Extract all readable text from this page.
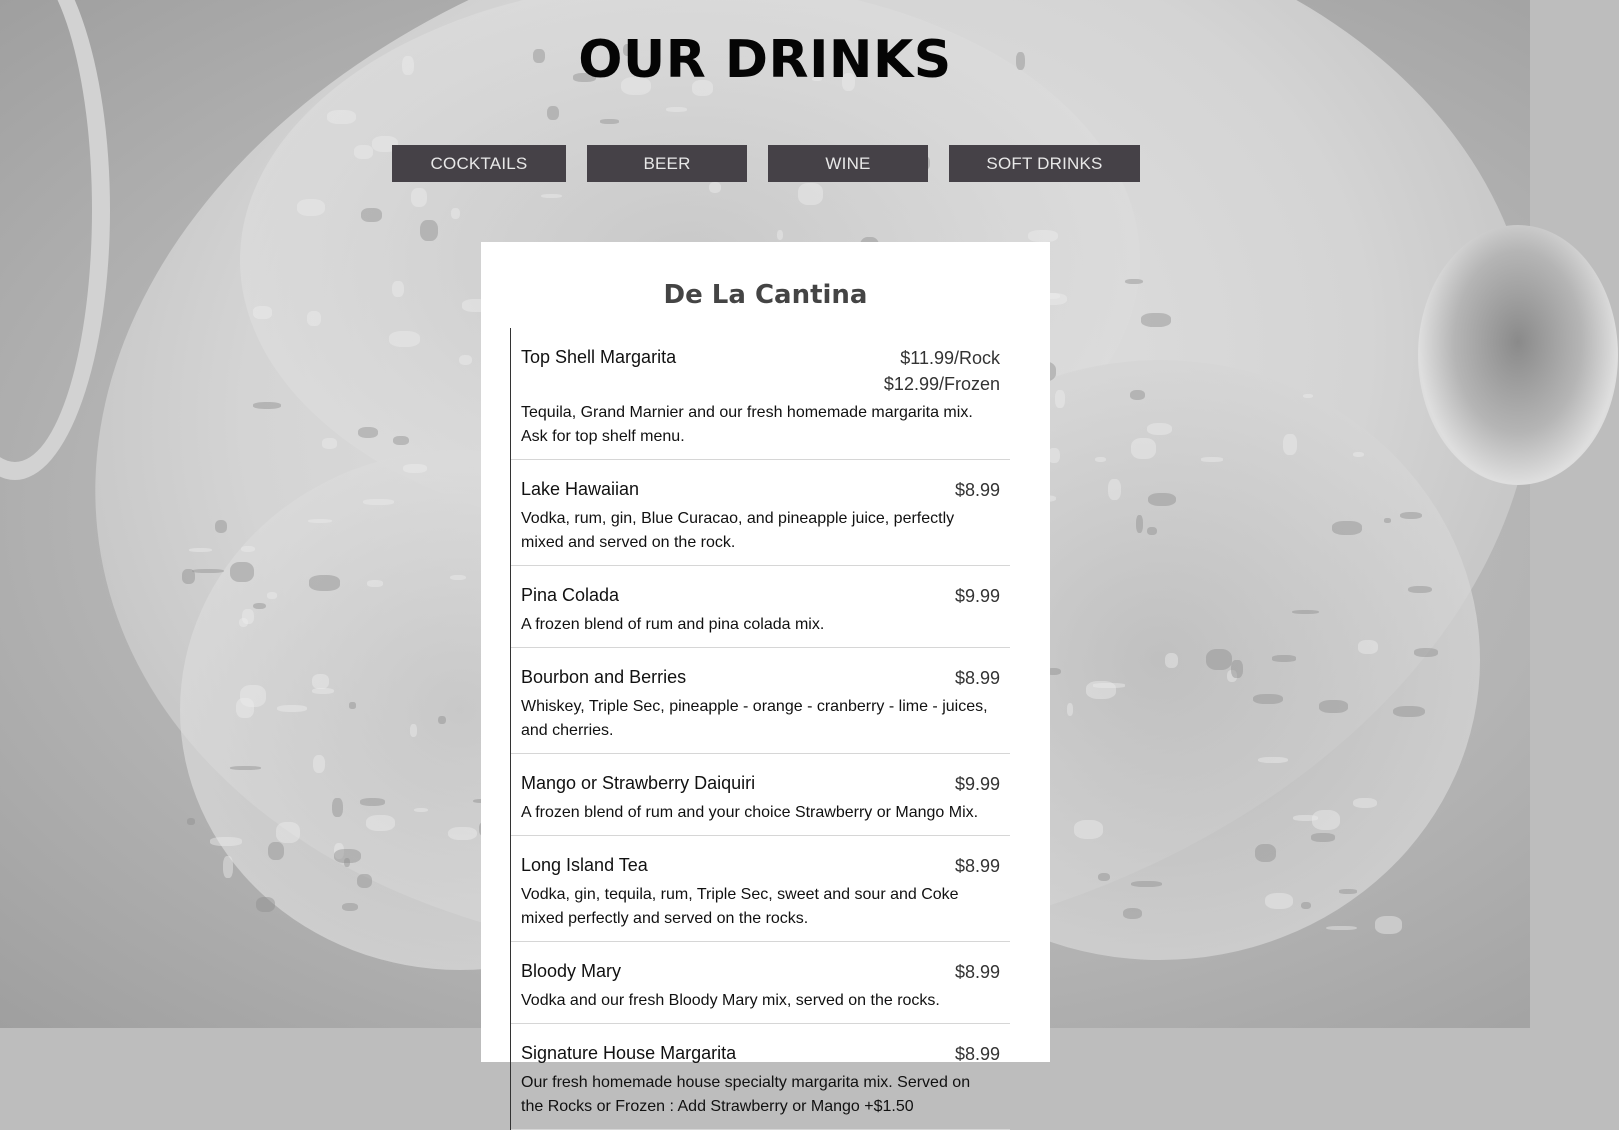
OUR DRINKS
COCKTAILS	BEER	WINE	SOFT DRINKS
De La Cantina
Top Shell Margarita	$11.99/Rock
$12.99/Frozen
Tequila, Grand Marnier and our fresh homemade margarita mix. Ask for top shelf menu.
Lake Hawaiian	$8.99
Vodka, rum, gin, Blue Curacao, and pineapple juice, perfectly mixed and served on the rock.
Pina Colada	$9.99
A frozen blend of rum and pina colada mix.
Bourbon and Berries	$8.99
Whiskey, Triple Sec, pineapple - orange - cranberry - lime - juices, and cherries.
Mango or Strawberry Daiquiri	$9.99
A frozen blend of rum and your choice Strawberry or Mango Mix.
Long Island Tea	$8.99
Vodka, gin, tequila, rum, Triple Sec, sweet and sour and Coke mixed perfectly and served on the rocks.
Bloody Mary	$8.99
Vodka and our fresh Bloody Mary mix, served on the rocks.
Signature House Margarita	$8.99
Our fresh homemade house specialty margarita mix. Served on the Rocks or Frozen : Add Strawberry or Mango +$1.50
